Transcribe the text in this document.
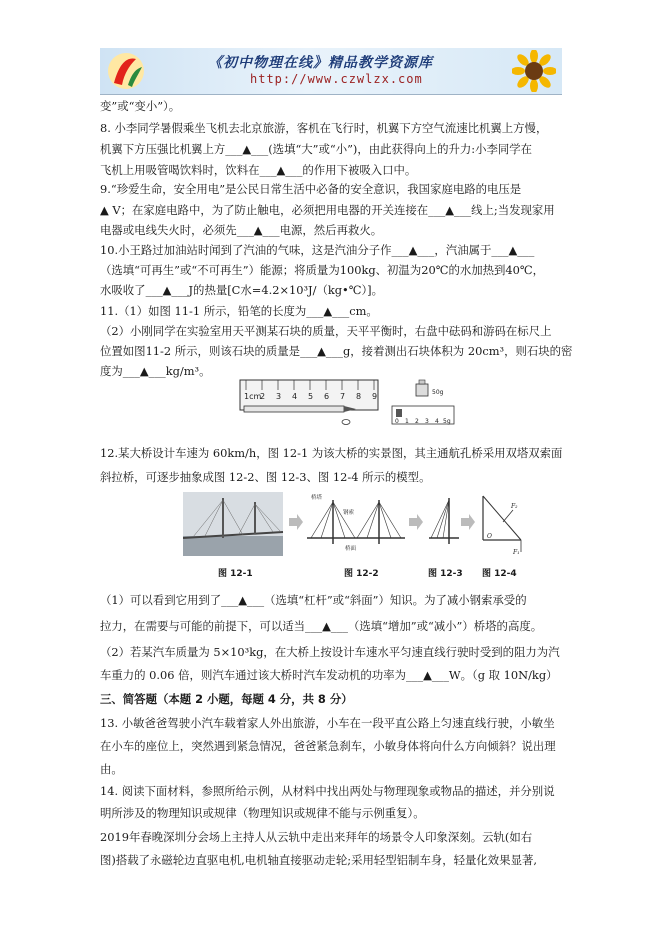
《初中物理在线》精品教学资源库
http://www.czwlzx.com
变”或“变小”）。
8. 小李同学暑假乘坐飞机去北京旅游，客机在飞行时，机翼下方空气流速比机翼上方慢，
机翼下方压强比机翼上方___▲___(选填“大”或“小”)，由此获得向上的升力:小李同学在
飞机上用吸管喝饮料时，饮料在___▲___的作用下被吸入口中。
9.“珍爱生命，安全用电”是公民日常生活中必备的安全意识，我国家庭电路的电压是
▲ V；在家庭电路中，为了防止触电，必须把用电器的开关连接在___▲___线上;当发现家用
电器或电线失火时，必须先___▲___电源，然后再救火。
10.小王路过加油站时闻到了汽油的气味，这是汽油分子作___▲___，汽油属于___▲___
（选填“可再生”或“不可再生”）能源；将质量为100kg、初温为20℃的水加热到40℃，
水吸收了___▲___J的热量[C水=4.2×10³J/（kg•℃）]。
11.（1）如图 11-1 所示，铅笔的长度为___▲___cm。
（2）小刚同学在实验室用天平测某石块的质量，天平平衡时，右盘中砝码和游码在标尺上
位置如图11-2 所示，则该石块的质量是___▲___g，接着测出石块体积为 20cm³，则石块的密
度为___▲___kg/m³。
1cm
2 3 4 5 6 7 8 9	50g
0 1 2 3 4 5g
12.某大桥设计车速为 60km/h，图 12-1 为该大桥的实景图，其主通航孔桥采用双塔双索面
斜拉桥，可逐步抽象成图 12-2、图 12-3、图 12-4 所示的模型。
桥塔
钢索
桥面
F₂
O
F₁
图 12-1	图 12-2	图 12-3 图 12-4
（1）可以看到它用到了___▲___（选填“杠杆”或“斜面”）知识。为了减小钢索承受的
拉力，在需要与可能的前提下，可以适当___▲___（选填“增加”或“减小”）桥塔的高度。
（2）若某汽车质量为 5×10³kg，在大桥上按设计车速水平匀速直线行驶时受到的阻力为汽
车重力的 0.06 倍，则汽车通过该大桥时汽车发动机的功率为___▲___W。（g 取 10N/kg）
三、简答题（本题 2 小题，每题 4 分，共 8 分）
13. 小敏爸爸驾驶小汽车载着家人外出旅游，小车在一段平直公路上匀速直线行驶，小敏坐
在小车的座位上，突然遇到紧急情况，爸爸紧急刹车，小敏身体将向什么方向倾斜？说出理
由。
14. 阅读下面材料，参照所给示例，从材料中找出两处与物理现象或物品的描述，并分别说
明所涉及的物理知识或规律（物理知识或规律不能与示例重复）。
2019年春晚深圳分会场上主持人从云轨中走出来拜年的场景令人印象深刻。云轨(如右
图)搭载了永磁轮边直驱电机,电机轴直接驱动走轮;采用轻型铝制车身，轻量化效果显著,
